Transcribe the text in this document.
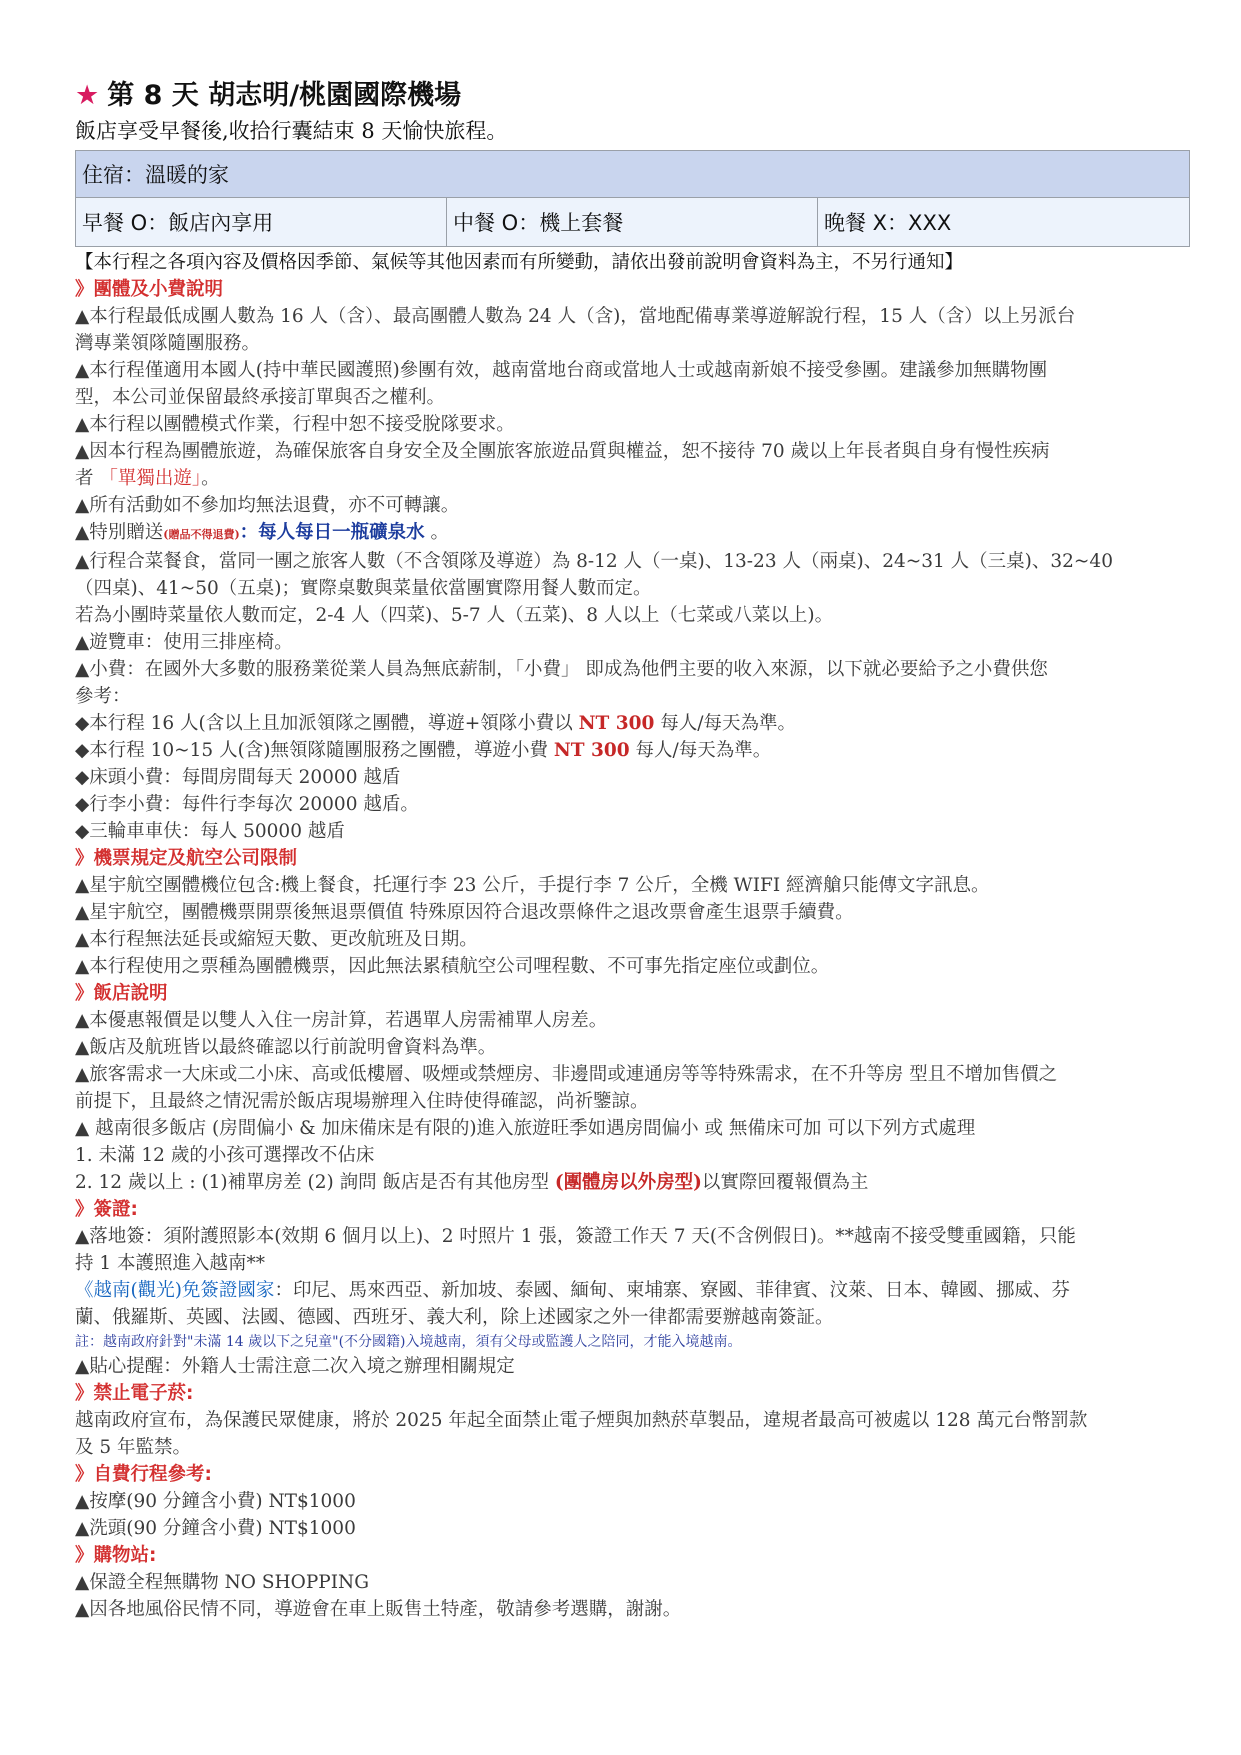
★ 第 8 天 胡志明/桃園國際機場
飯店享受早餐後,收拾行囊結束 8 天愉快旅程。
住宿：溫暖的家
早餐 O：飯店內享用	中餐 O：機上套餐	晚餐 X：XXX
【本行程之各項內容及價格因季節、氣候等其他因素而有所變動，請依出發前說明會資料為主，不另行通知】
》團體及小費說明
▲本行程最低成團人數為 16 人（含）、最高團體人數為 24 人（含)，當地配備專業導遊解說行程，15 人（含）以上另派台
灣專業領隊隨團服務。
▲本行程僅適用本國人(持中華民國護照)參團有效，越南當地台商或當地人士或越南新娘不接受參團。建議參加無購物團
型，本公司並保留最終承接訂單與否之權利。
▲本行程以團體模式作業，行程中恕不接受脫隊要求。
▲因本行程為團體旅遊，為確保旅客自身安全及全團旅客旅遊品質與權益，恕不接待 70 歲以上年長者與自身有慢性疾病
者 「單獨出遊」。
▲所有活動如不參加均無法退費，亦不可轉讓。
▲特別贈送(贈品不得退費)：每人每日一瓶礦泉水 。
▲行程合菜餐食，當同一團之旅客人數（不含領隊及導遊）為 8-12 人（一桌)、13-23 人（兩桌)、24~31 人（三桌)、32~40
（四桌)、41~50（五桌)；實際桌數與菜量依當團實際用餐人數而定。
若為小團時菜量依人數而定，2-4 人（四菜)、5-7 人（五菜)、8 人以上（七菜或八菜以上)。
▲遊覽車：使用三排座椅。
▲小費：在國外大多數的服務業從業人員為無底薪制，「小費」 即成為他們主要的收入來源，以下就必要給予之小費供您
參考：
◆本行程 16 人(含以上且加派領隊之團體，導遊+領隊小費以 NT 300 每人/每天為準。
◆本行程 10~15 人(含)無領隊隨團服務之團體，導遊小費 NT 300 每人/每天為準。
◆床頭小費：每間房間每天 20000 越盾
◆行李小費：每件行李每次 20000 越盾。
◆三輪車車伕：每人 50000 越盾
》機票規定及航空公司限制
▲星宇航空團體機位包含:機上餐食，托運行李 23 公斤，手提行李 7 公斤，全機 WIFI 經濟艙只能傳文字訊息。
▲星宇航空，團體機票開票後無退票價值 特殊原因符合退改票條件之退改票會產生退票手續費。
▲本行程無法延長或縮短天數、更改航班及日期。
▲本行程使用之票種為團體機票，因此無法累積航空公司哩程數、不可事先指定座位或劃位。
》飯店說明
▲本優惠報價是以雙人入住一房計算，若遇單人房需補單人房差。
▲飯店及航班皆以最終確認以行前說明會資料為準。
▲旅客需求一大床或二小床、高或低樓層、吸煙或禁煙房、非邊間或連通房等等特殊需求，在不升等房 型且不增加售價之
前提下，且最終之情況需於飯店現場辦理入住時使得確認，尚祈鑒諒。
▲ 越南很多飯店 (房間偏小 & 加床備床是有限的)進入旅遊旺季如遇房間偏小 或 無備床可加 可以下列方式處理
1. 未滿 12 歲的小孩可選擇改不佔床
2. 12 歲以上 : (1)補單房差 (2) 詢問 飯店是否有其他房型 (團體房以外房型)以實際回覆報價為主
》簽證:
▲落地簽：須附護照影本(效期 6 個月以上)、2 吋照片 1 張，簽證工作天 7 天(不含例假日)。**越南不接受雙重國籍，只能
持 1 本護照進入越南**
《越南(觀光)免簽證國家：印尼、馬來西亞、新加坡、泰國、緬甸、柬埔寨、寮國、菲律賓、汶萊、日本、韓國、挪威、芬
蘭、俄羅斯、英國、法國、德國、西班牙、義大利，除上述國家之外一律都需要辦越南簽証。
註：越南政府針對"未滿 14 歲以下之兒童"(不分國籍)入境越南，須有父母或監護人之陪同，才能入境越南。
▲貼心提醒：外籍人士需注意二次入境之辦理相關規定
》禁止電子菸:
越南政府宣布，為保護民眾健康，將於 2025 年起全面禁止電子煙與加熱菸草製品，違規者最高可被處以 128 萬元台幣罰款
及 5 年監禁。
》自費行程參考:
▲按摩(90 分鐘含小費) NT$1000
▲洗頭(90 分鐘含小費) NT$1000
》購物站:
▲保證全程無購物 NO SHOPPING
▲因各地風俗民情不同，導遊會在車上販售土特產，敬請參考選購，謝謝。
